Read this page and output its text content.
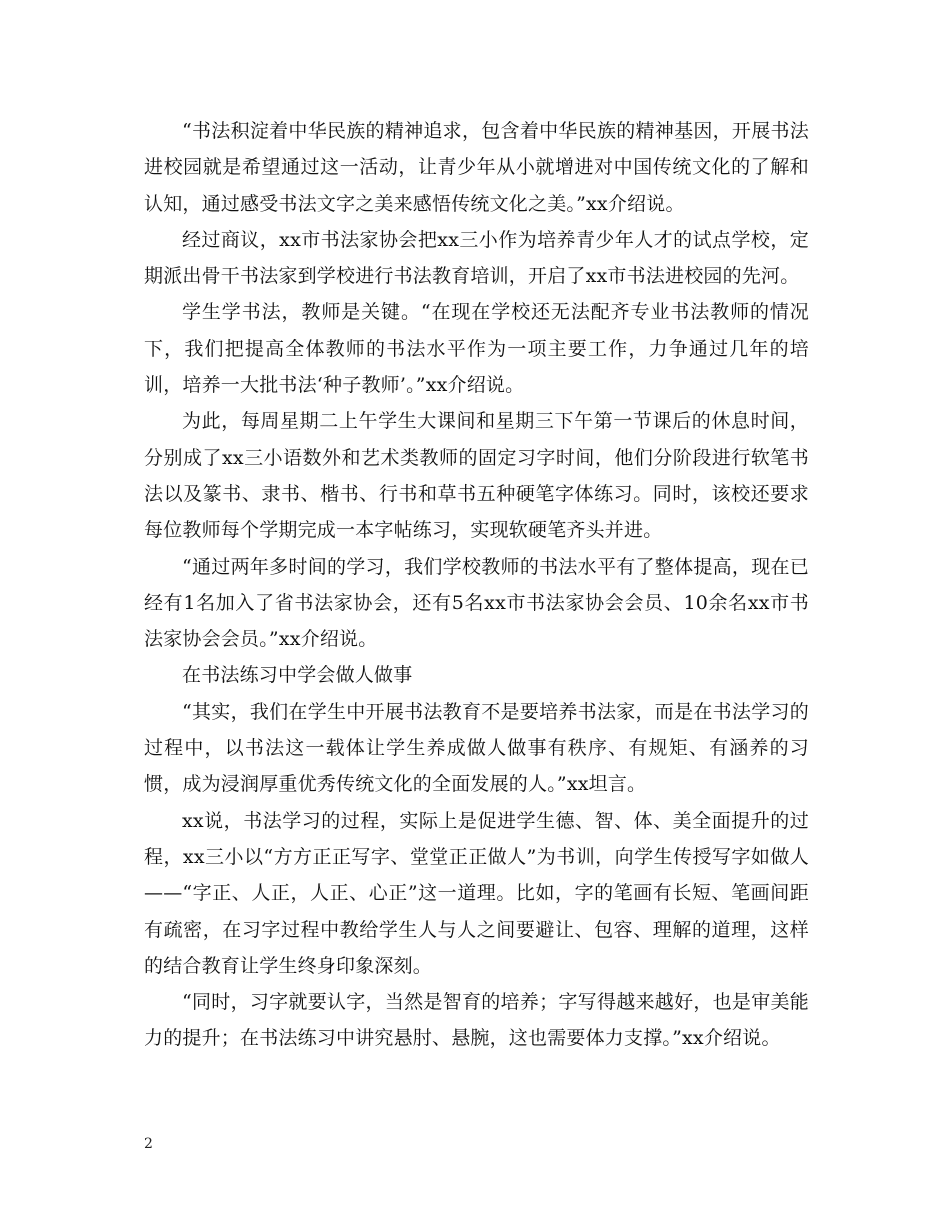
“书法积淀着中华民族的精神追求，包含着中华民族的精神基因，开展书法进校园就是希望通过这一活动，让青少年从小就增进对中国传统文化的了解和认知，通过感受书法文字之美来感悟传统文化之美。”xx介绍说。

经过商议，xx市书法家协会把xx三小作为培养青少年人才的试点学校，定期派出骨干书法家到学校进行书法教育培训，开启了xx市书法进校园的先河。

学生学书法，教师是关键。“在现在学校还无法配齐专业书法教师的情况下，我们把提高全体教师的书法水平作为一项主要工作，力争通过几年的培训，培养一大批书法‘种子教师’。”xx介绍说。

为此，每周星期二上午学生大课间和星期三下午第一节课后的休息时间，分别成了xx三小语数外和艺术类教师的固定习字时间，他们分阶段进行软笔书法以及篆书、隶书、楷书、行书和草书五种硬笔字体练习。同时，该校还要求每位教师每个学期完成一本字帖练习，实现软硬笔齐头并进。

“通过两年多时间的学习，我们学校教师的书法水平有了整体提高，现在已经有1名加入了省书法家协会，还有5名xx市书法家协会会员、10余名xx市书法家协会会员。”xx介绍说。

在书法练习中学会做人做事

“其实，我们在学生中开展书法教育不是要培养书法家，而是在书法学习的过程中，以书法这一载体让学生养成做人做事有秩序、有规矩、有涵养的习惯，成为浸润厚重优秀传统文化的全面发展的人。”xx坦言。

xx说，书法学习的过程，实际上是促进学生德、智、体、美全面提升的过程，xx三小以“方方正正写字、堂堂正正做人”为书训，向学生传授写字如做人——“字正、人正，人正、心正”这一道理。比如，字的笔画有长短、笔画间距有疏密，在习字过程中教给学生人与人之间要避让、包容、理解的道理，这样的结合教育让学生终身印象深刻。

“同时，习字就要认字，当然是智育的培养；字写得越来越好，也是审美能力的提升；在书法练习中讲究悬肘、悬腕，这也需要体力支撑。”xx介绍说。

2
